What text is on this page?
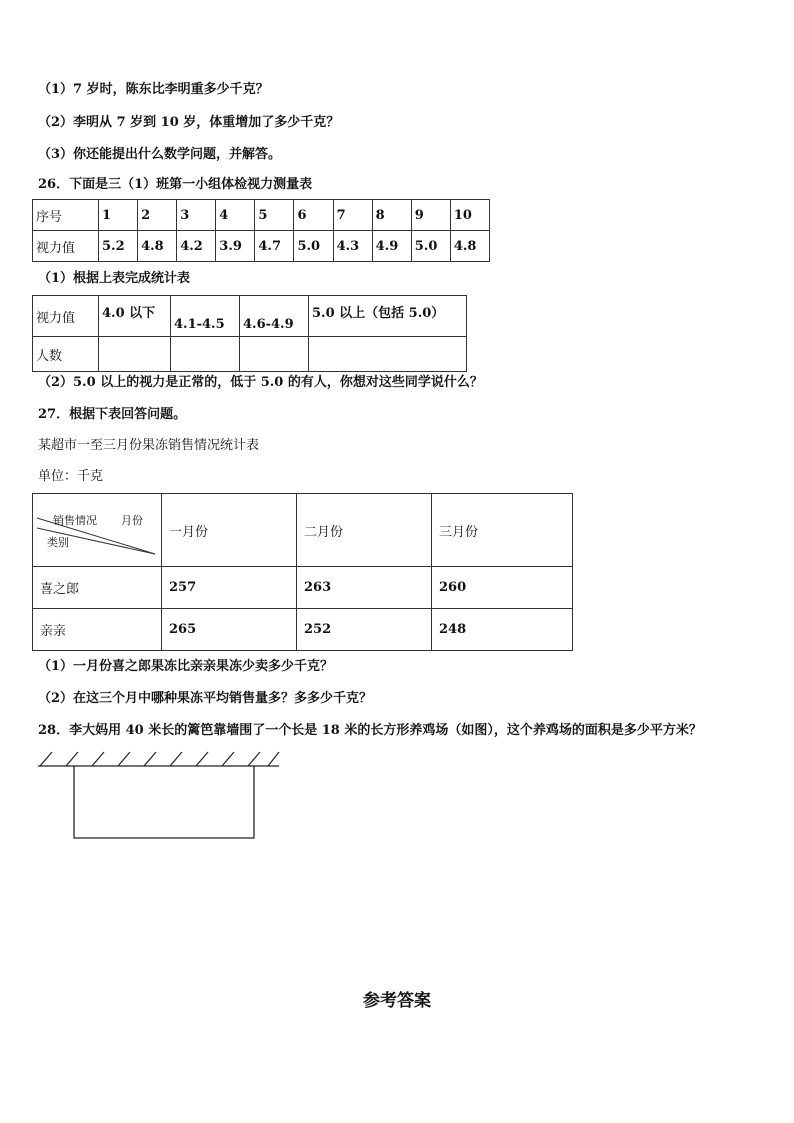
（1）7 岁时，陈东比李明重多少千克？
（2）李明从 7 岁到 10 岁，体重增加了多少千克？
（3）你还能提出什么数学问题，并解答。
26．下面是三（1）班第一小组体检视力测量表
序号	1	2	3	4	5	6	7	8	9	10
视力值	5.2	4.8	4.2	3.9	4.7	5.0	4.3	4.9	5.0	4.8
（1）根据上表完成统计表
视力值	4.0 以下	4.1-4.5	4.6-4.9	5.0 以上（包括 5.0）
人数				
（2）5.0 以上的视力是正常的，低于 5.0 的有人，你想对这些同学说什么？
27．根据下表回答问题。
某超市一至三月份果冻销售情况统计表
单位：千克
销售情况 月份
类别	一月份	二月份	三月份
喜之郎	257	263	260
亲亲	265	252	248
（1）一月份喜之郎果冻比亲亲果冻少卖多少千克？
（2）在这三个月中哪种果冻平均销售量多？多多少千克？
28．李大妈用 40 米长的篱笆靠墙围了一个长是 18 米的长方形养鸡场（如图），这个养鸡场的面积是多少平方米？
参考答案
